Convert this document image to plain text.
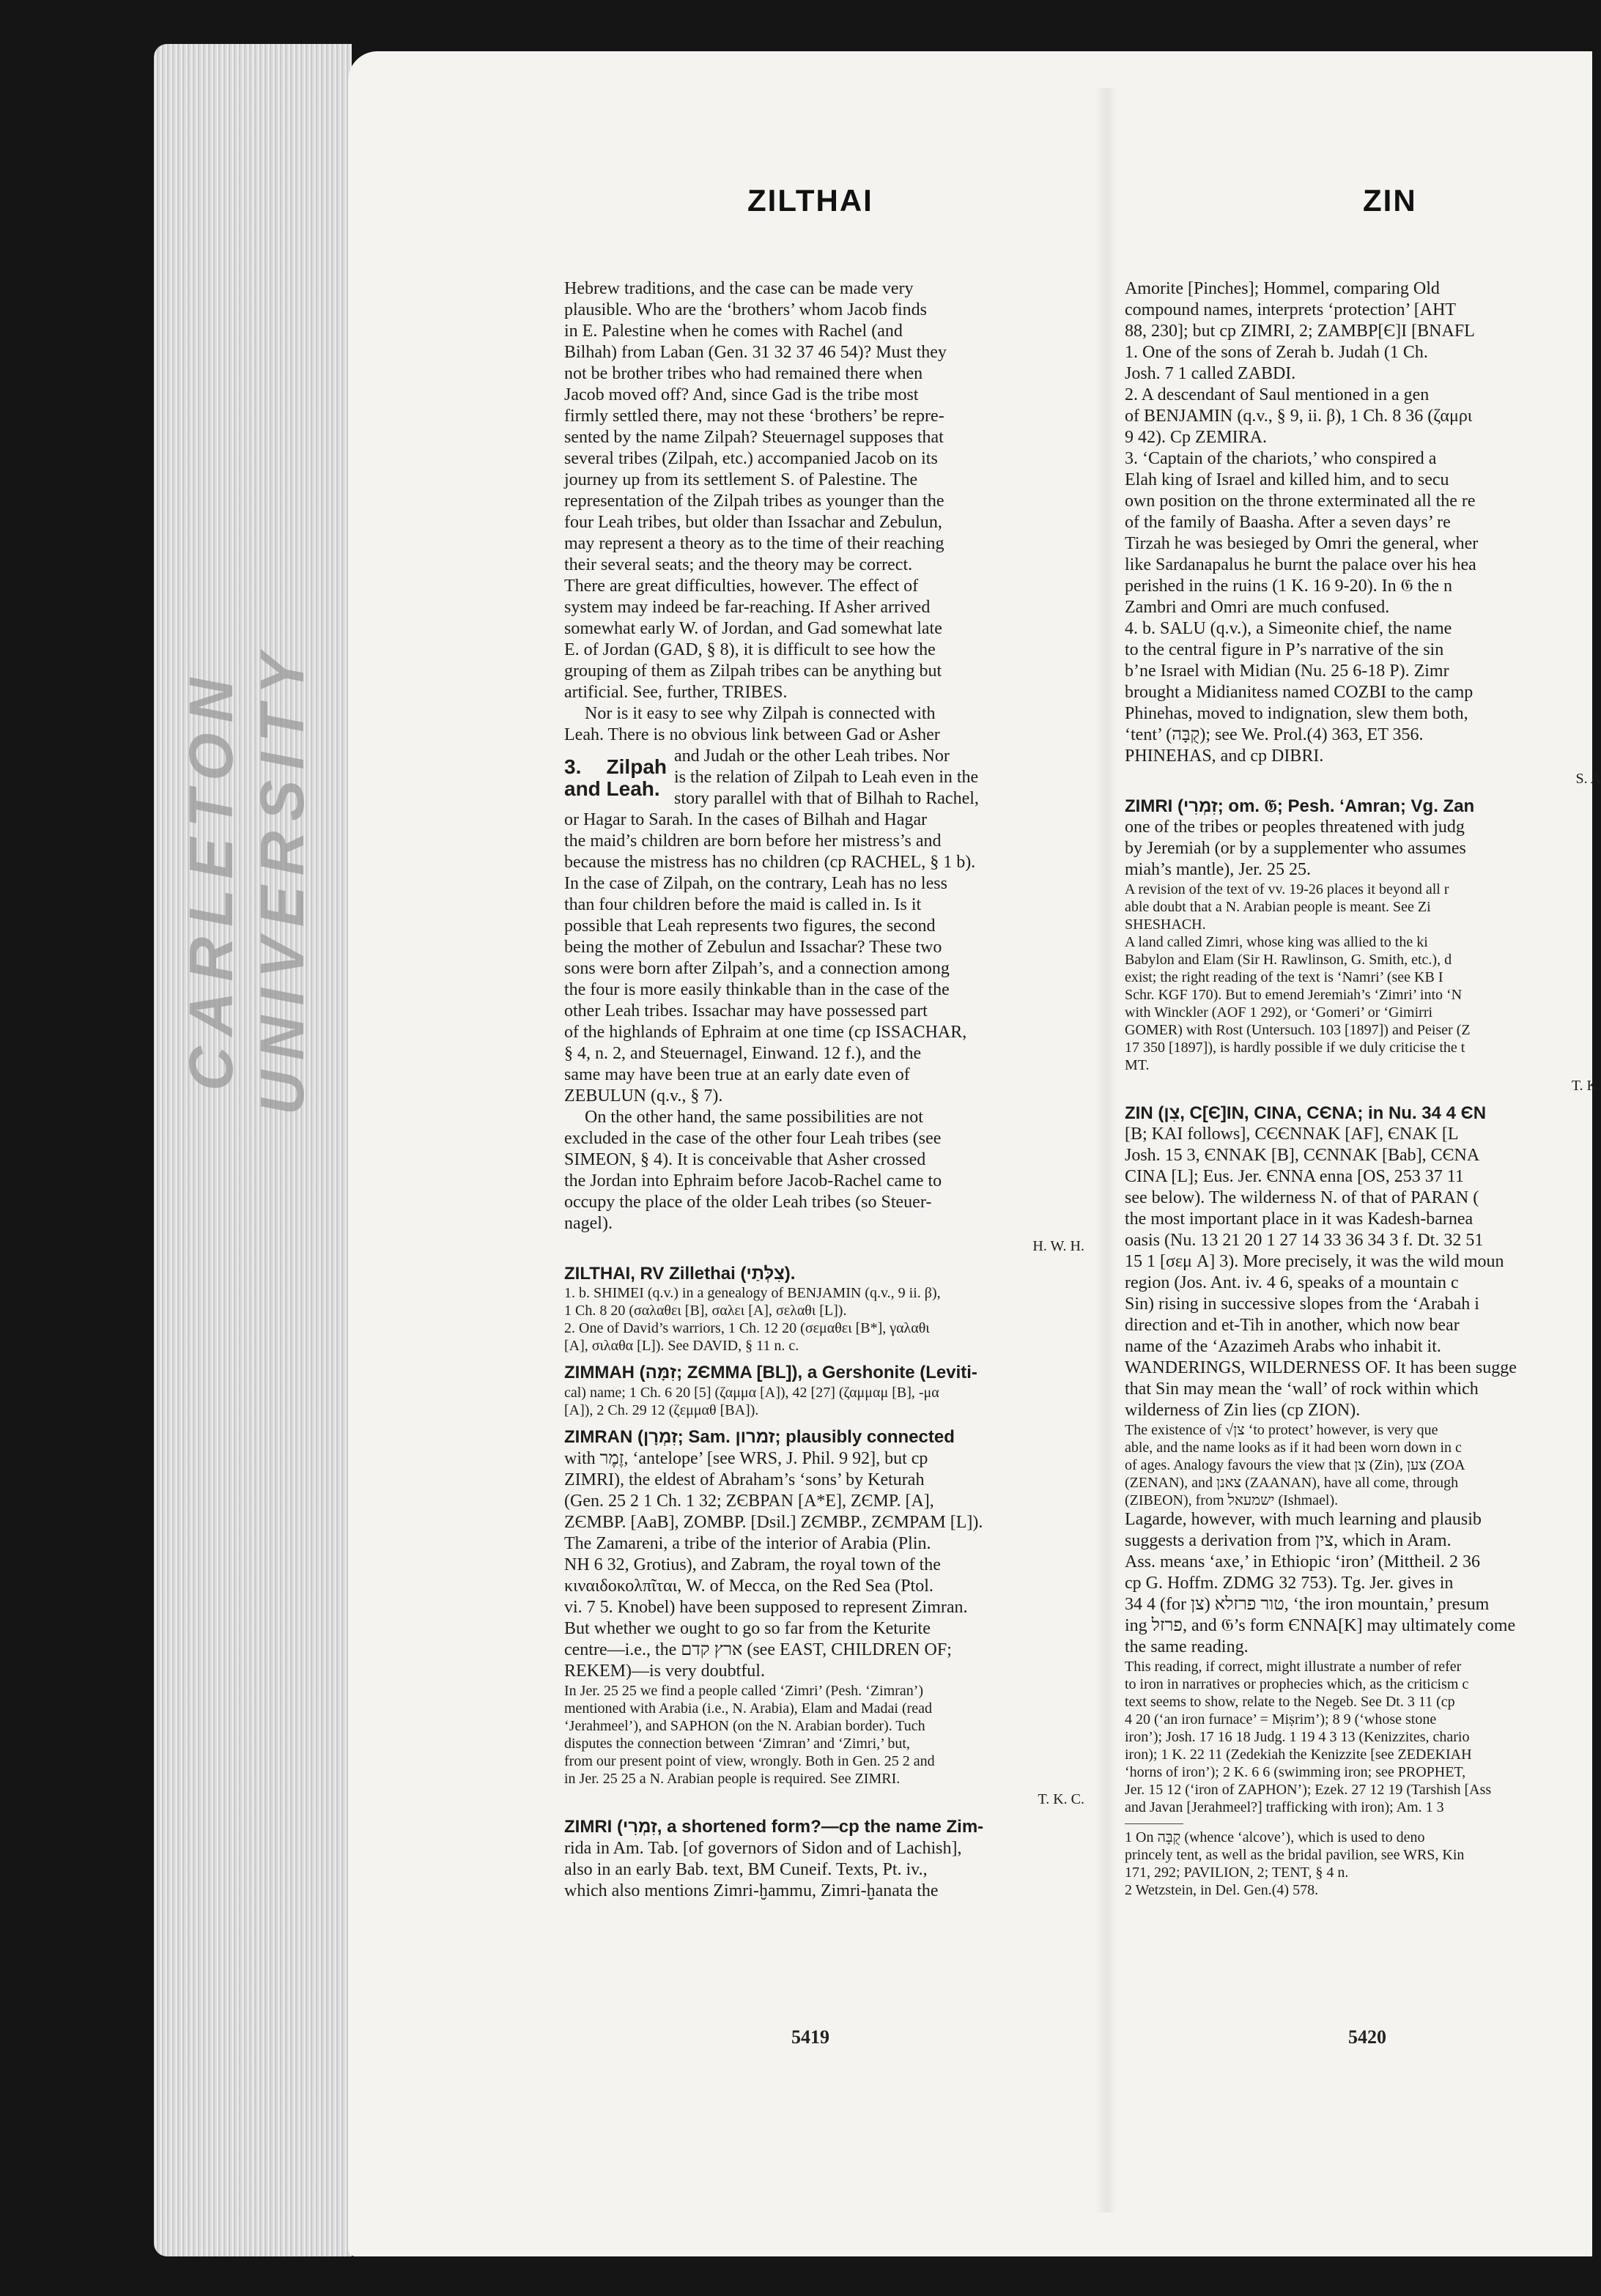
CARLETON UNIVERSITY
ZILTHAI	ZIN

Hebrew traditions, and the case can be made very

plausible. Who are the ‘brothers’ whom Jacob finds

in E. Palestine when he comes with Rachel (and

Bilhah) from Laban (Gen. 31 32 37 46 54)? Must they

not be brother tribes who had remained there when

Jacob moved off? And, since Gad is the tribe most

firmly settled there, may not these ‘brothers’ be repre-

sented by the name Zilpah? Steuernagel supposes that

several tribes (Zilpah, etc.) accompanied Jacob on its

journey up from its settlement S. of Palestine. The

representation of the Zilpah tribes as younger than the

four Leah tribes, but older than Issachar and Zebulun,

may represent a theory as to the time of their reaching

their several seats; and the theory may be correct.

There are great difficulties, however. The effect of

system may indeed be far-reaching. If Asher arrived

somewhat early W. of Jordan, and Gad somewhat late

E. of Jordan (GAD, § 8), it is difficult to see how the

grouping of them as Zilpah tribes can be anything but

artificial. See, further, TRIBES.

Nor is it easy to see why Zilpah is connected with

Leah. There is no obvious link between Gad or Asher

3. Zilpah and Leah.

and Judah or the other Leah tribes. Nor

is the relation of Zilpah to Leah even in the

story parallel with that of Bilhah to Rachel,

or Hagar to Sarah. In the cases of Bilhah and Hagar

the maid’s children are born before her mistress’s and

because the mistress has no children (cp RACHEL, § 1 b).

In the case of Zilpah, on the contrary, Leah has no less

than four children before the maid is called in. Is it

possible that Leah represents two figures, the second

being the mother of Zebulun and Issachar? These two

sons were born after Zilpah’s, and a connection among

the four is more easily thinkable than in the case of the

other Leah tribes. Issachar may have possessed part

of the highlands of Ephraim at one time (cp ISSACHAR,

§ 4, n. 2, and Steuernagel, Einwand. 12 f.), and the

same may have been true at an early date even of

ZEBULUN (q.v., § 7).

On the other hand, the same possibilities are not

excluded in the case of the other four Leah tribes (see

SIMEON, § 4). It is conceivable that Asher crossed

the Jordan into Ephraim before Jacob-Rachel came to

occupy the place of the older Leah tribes (so Steuer-

nagel).

H. W. H.

ZILTHAI, RV Zillethai (צִלְּתַי).

1. b. SHIMEI (q.v.) in a genealogy of BENJAMIN (q.v., 9 ii. β),

1 Ch. 8 20 (σαλαθει [B], σαλει [A], σελαθι [L]).

2. One of David’s warriors, 1 Ch. 12 20 (σεμαθει [B*], γαλαθι

[A], σιλαθα [L]). See DAVID, § 11 n. c.

ZIMMAH (זִמָּה; ZЄMMA [BL]), a Gershonite (Leviti-

cal) name; 1 Ch. 6 20 [5] (ζαμμα [A]), 42 [27] (ζαμμαμ [B], -μα

[A]), 2 Ch. 29 12 (ζεμμαθ [BA]).

ZIMRAN (זִמְרָן; Sam. זמרון; plausibly connected

with זֶמֶר, ‘antelope’ [see WRS, J. Phil. 9 92], but cp

ZIMRI), the eldest of Abraham’s ‘sons’ by Keturah

(Gen. 25 2 1 Ch. 1 32; ZЄBPAN [A*E], ZЄMP. [A],

ZЄMBP. [AaB], ZOMBP. [Dsil.] ZЄMBP., ZЄMPAM [L]).

The Zamareni, a tribe of the interior of Arabia (Plin.

NH 6 32, Grotius), and Zabram, the royal town of the

κιναιδοκολπῖται, W. of Mecca, on the Red Sea (Ptol.

vi. 7 5. Knobel) have been supposed to represent Zimran.

But whether we ought to go so far from the Keturite

centre—i.e., the ארץ קדם (see EAST, CHILDREN OF;

REKEM)—is very doubtful.

In Jer. 25 25 we find a people called ‘Zimri’ (Pesh. ‘Zimran’)

mentioned with Arabia (i.e., N. Arabia), Elam and Madai (read

‘Jerahmeel’), and SAPHON (on the N. Arabian border). Tuch

disputes the connection between ‘Zimran’ and ‘Zimri,’ but,

from our present point of view, wrongly. Both in Gen. 25 2 and

in Jer. 25 25 a N. Arabian people is required. See ZIMRI.

T. K. C.

ZIMRI (זִמְרִי, a shortened form?—cp the name Zim-

rida in Am. Tab. [of governors of Sidon and of Lachish],

also in an early Bab. text, BM Cuneif. Texts, Pt. iv.,

which also mentions Zimri-ḫammu, Zimri-ḫanata the

Amorite [Pinches]; Hommel, comparing Old

compound names, interprets ‘protection’ [AHT

88, 230]; but cp ZIMRI, 2; ZAMBP[Є]I [BNAFL

1. One of the sons of Zerah b. Judah (1 Ch.

Josh. 7 1 called ZABDI.

2. A descendant of Saul mentioned in a gen

of BENJAMIN (q.v., § 9, ii. β), 1 Ch. 8 36 (ζαμρι

9 42). Cp ZEMIRA.

3. ‘Captain of the chariots,’ who conspired a

Elah king of Israel and killed him, and to secu

own position on the throne exterminated all the re

of the family of Baasha. After a seven days’ re

Tirzah he was besieged by Omri the general, wher

like Sardanapalus he burnt the palace over his hea

perished in the ruins (1 K. 16 9-20). In 𝔊 the n

Zambri and Omri are much confused.

4. b. SALU (q.v.), a Simeonite chief, the name

to the central figure in P’s narrative of the sin

b’ne Israel with Midian (Nu. 25 6-18 P). Zimr

brought a Midianitess named COZBI to the camp

Phinehas, moved to indignation, slew them both,

‘tent’ (קֻבָּה); see We. Prol.(4) 363, ET 356.

PHINEHAS, and cp DIBRI.

S. A

ZIMRI (זִמְרִי; om. 𝔊; Pesh. ‘Amran; Vg. Zan

one of the tribes or peoples threatened with judg

by Jeremiah (or by a supplementer who assumes

miah’s mantle), Jer. 25 25.

A revision of the text of vv. 19-26 places it beyond all r

able doubt that a N. Arabian people is meant. See Zi

SHESHACH.

A land called Zimri, whose king was allied to the ki

Babylon and Elam (Sir H. Rawlinson, G. Smith, etc.), d

exist; the right reading of the text is ‘Namri’ (see KB I

Schr. KGF 170). But to emend Jeremiah’s ‘Zimri’ into ‘N

with Winckler (AOF 1 292), or ‘Gomeri’ or ‘Gimirri

GOMER) with Rost (Untersuch. 103 [1897]) and Peiser (Z

17 350 [1897]), is hardly possible if we duly criticise the t

MT.

T. K.

ZIN (צִן, C[Є]IN, CINA, CЄNA; in Nu. 34 4 ЄN

[B; KAI follows], CЄЄNNAK [AF], ЄNAK [L

Josh. 15 3, ЄNNAK [B], CЄNNAK [Bab], CЄNA

CINA [L]; Eus. Jer. ЄNNA enna [OS, 253 37 11

see below). The wilderness N. of that of PARAN (

the most important place in it was Kadesh-barnea

oasis (Nu. 13 21 20 1 27 14 33 36 34 3 f. Dt. 32 51

15 1 [σεμ A] 3). More precisely, it was the wild moun

region (Jos. Ant. iv. 4 6, speaks of a mountain c

Sin) rising in successive slopes from the ‘Arabah i

direction and et-Tih in another, which now bear

name of the ‘Azazimeh Arabs who inhabit it.

WANDERINGS, WILDERNESS OF. It has been sugge

that Sin may mean the ‘wall’ of rock within which

wilderness of Zin lies (cp ZION).

The existence of √צן ‘to protect’ however, is very que

able, and the name looks as if it had been worn down in c

of ages. Analogy favours the view that צן (Zin), צען (ZOA

(ZENAN), and צאנן (ZAANAN), have all come, through

(ZIBEON), from ישמעאל (Ishmael).

Lagarde, however, with much learning and plausib

suggests a derivation from צין, which in Aram.

Ass. means ‘axe,’ in Ethiopic ‘iron’ (Mittheil. 2 36

cp G. Hoffm. ZDMG 32 753). Tg. Jer. gives in

34 4 (for צן) טור פרזלא, ‘the iron mountain,’ presum

ing פרזל, and 𝔊’s form ЄΝΝΑ[Κ] may ultimately come

the same reading.

This reading, if correct, might illustrate a number of refer

to iron in narratives or prophecies which, as the criticism c

text seems to show, relate to the Negeb. See Dt. 3 11 (cp

4 20 (‘an iron furnace’ = Miṣrim’); 8 9 (‘whose stone

iron’); Josh. 17 16 18 Judg. 1 19 4 3 13 (Kenizzites, chario

iron); 1 K. 22 11 (Zedekiah the Kenizzite [see ZEDEKIAH

‘horns of iron’); 2 K. 6 6 (swimming iron; see PROPHET,

Jer. 15 12 (‘iron of ZAPHON’); Ezek. 27 12 19 (Tarshish [Ass

and Javan [Jerahmeel?] trafficking with iron); Am. 1 3

1 On קֻבָּה (whence ‘alcove’), which is used to deno

princely tent, as well as the bridal pavilion, see WRS, Kin

171, 292; PAVILION, 2; TENT, § 4 n.

2 Wetzstein, in Del. Gen.(4) 578.

5419	5420
